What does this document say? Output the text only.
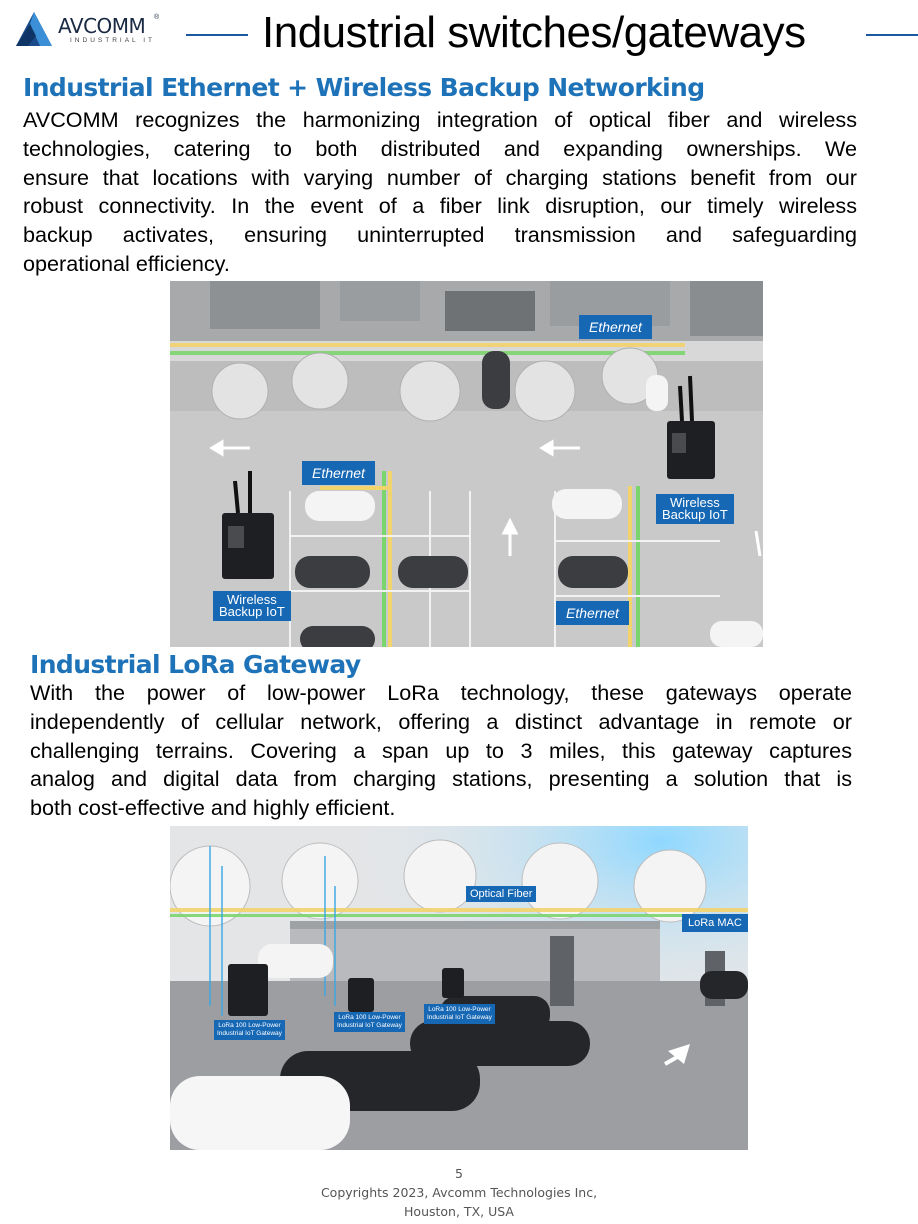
AVCOMM ®
INDUSTRIAL IT Industrial switches/gateways
Industrial Ethernet + Wireless Backup Networking
AVCOMM recognizes the harmonizing integration of optical fiber and wireless
technologies, catering to both distributed and expanding ownerships. We
ensure that locations with varying number of charging stations benefit from our
robust connectivity. In the event of a fiber link disruption, our timely wireless
backup activates, ensuring uninterrupted transmission and safeguarding
operational efficiency.
Ethernet
Ethernet
Ethernet
Wireless
Backup IoT
Wireless
Backup IoT
Industrial LoRa Gateway
With the power of low-power LoRa technology, these gateways operate
independently of cellular network, offering a distinct advantage in remote or
challenging terrains. Covering a span up to 3 miles, this gateway captures
analog and digital data from charging stations, presenting a solution that is
both cost-effective and highly efficient.
Optical Fiber
LoRa MAC
LoRa 100 Low-Power
Industrial IoT Gateway
LoRa 100 Low-Power
Industrial IoT Gateway
LoRa 100 Low-Power
Industrial IoT Gateway
5
Copyrights 2023, Avcomm Technologies Inc,
Houston, TX, USA
